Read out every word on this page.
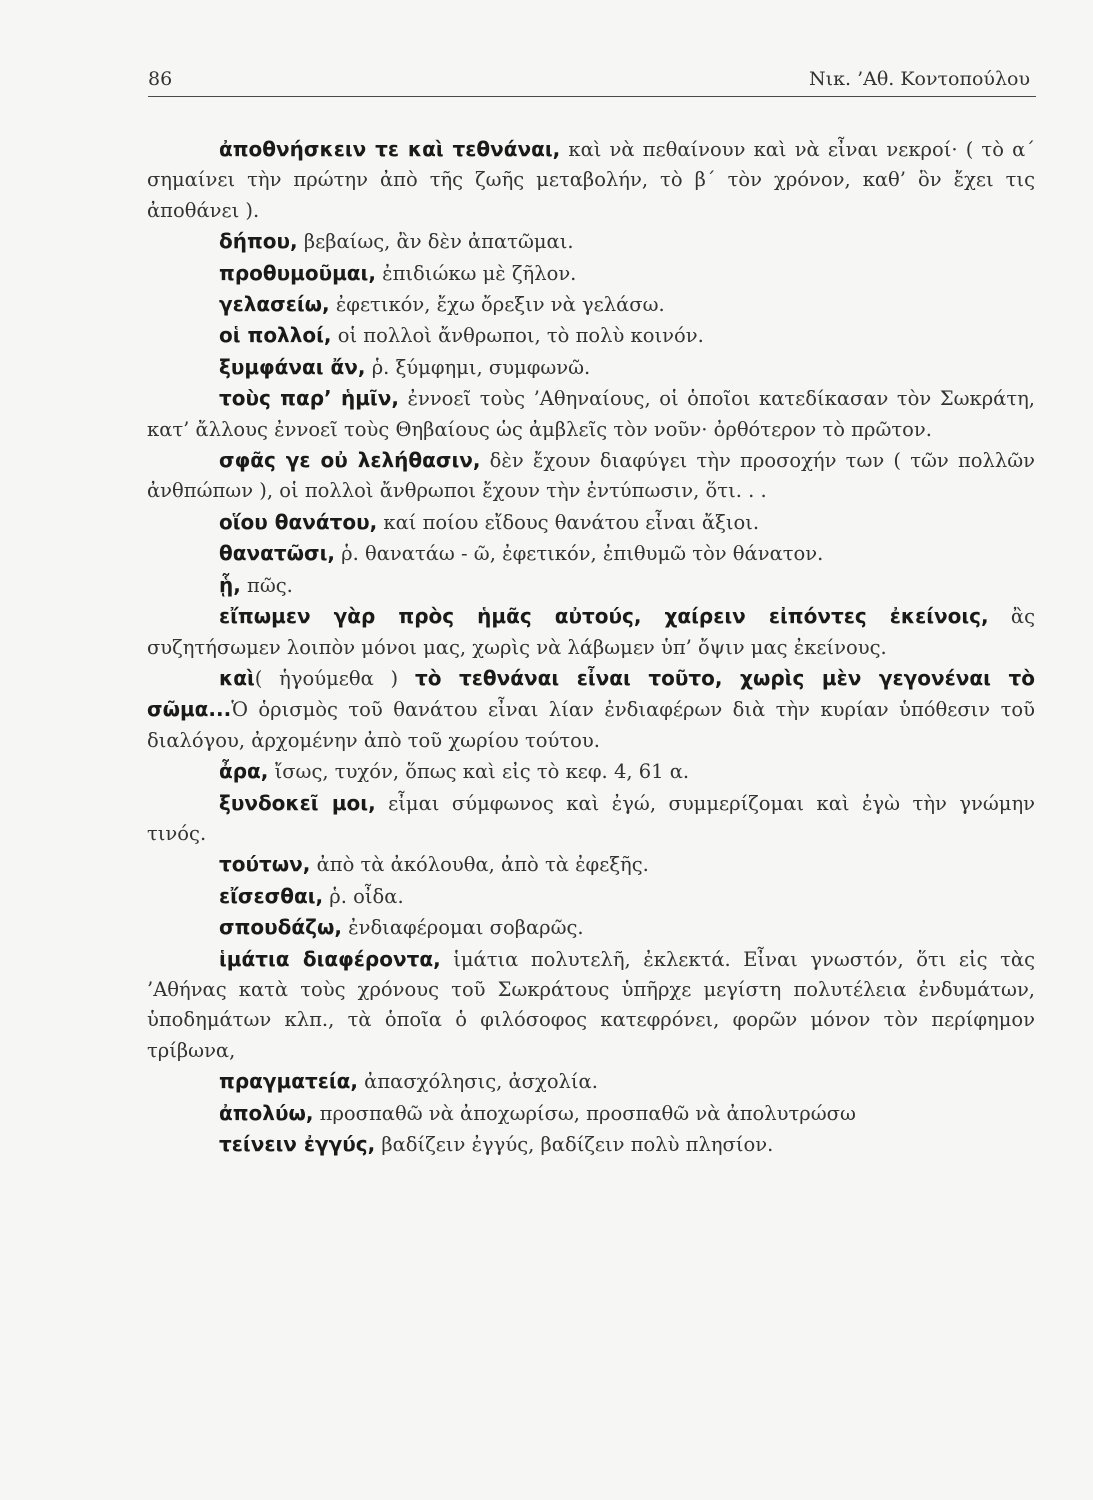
86	Νικ. ’Αθ. Κοντοπούλου

ἀποθνήσκειν τε καὶ τεθνάναι, καὶ νὰ πεθαίνουν καὶ νὰ εἶναι νεκροί· ( τὸ α΄ σημαίνει τὴν πρώτην ἀπὸ τῆς ζωῆς μεταβολήν, τὸ β΄ τὸν χρόνον, καθ’ ὃν ἔχει τις ἀποθάνει ).

δήπου, βεβαίως, ἂν δὲν ἀπατῶμαι.

προθυμοῦμαι, ἐπιδιώκω μὲ ζῆλον.

γελασείω, ἐφετικόν, ἔχω ὄρεξιν νὰ γελάσω.

οἱ πολλοί, οἱ πολλοὶ ἄνθρωποι, τὸ πολὺ κοινόν.

ξυμφάναι ἄν, ῥ. ξύμφημι, συμφωνῶ.

τοὺς παρ’ ἡμῖν, ἐννοεῖ τοὺς ’Αθηναίους, οἱ ὁποῖοι κατεδίκασαν τὸν Σωκράτη, κατ’ ἄλλους ἐννοεῖ τοὺς Θηβαίους ὡς ἀμβλεῖς τὸν νοῦν· ὀρθότερον τὸ πρῶτον.

σφᾶς γε οὐ λελήθασιν, δὲν ἔχουν διαφύγει τὴν προσοχήν των ( τῶν πολλῶν ἀνθπώπων ), οἱ πολλοὶ ἄνθρωποι ἔχουν τὴν ἐντύπωσιν, ὅτι. . .

οἵου θανάτου, καί ποίου εἴδους θανάτου εἶναι ἄξιοι.

θανατῶσι, ῥ. θανατάω - ῶ, ἐφετικόν, ἐπιθυμῶ τὸν θάνατον.

ᾗ, πῶς.

εἴπωμεν γὰρ πρὸς ἡμᾶς αὐτούς, χαίρειν εἰπόντες ἐκείνοις, ἂς συζητήσωμεν λοιπὸν μόνοι μας, χωρὶς νὰ λάβωμεν ὑπ’ ὄψιν μας ἐκείνους.

καὶ( ἡγούμεθα ) τὸ τεθνάναι εἶναι τοῦτο, χωρὶς μὲν γεγονέναι τὸ σῶμα...Ὁ ὁρισμὸς τοῦ θανάτου εἶναι λίαν ἐνδιαφέρων διὰ τὴν κυρίαν ὑπόθεσιν τοῦ διαλόγου, ἀρχομένην ἀπὸ τοῦ χωρίου τούτου.

ἆρα, ἴσως, τυχόν, ὅπως καὶ εἰς τὸ κεφ. 4, 61 α.

ξυνδοκεῖ μοι, εἶμαι σύμφωνος καὶ ἐγώ, συμμερίζομαι καὶ ἐγὼ τὴν γνώμην τινός.

τούτων, ἀπὸ τὰ ἀκόλουθα, ἀπὸ τὰ ἐφεξῆς.

εἴσεσθαι, ῥ. οἶδα.

σπουδάζω, ἐνδιαφέρομαι σοβαρῶς.

ἱμάτια διαφέροντα, ἱμάτια πολυτελῆ, ἐκλεκτά. Εἶναι γνωστόν, ὅτι εἰς τὰς ’Αθήνας κατὰ τοὺς χρόνους τοῦ Σωκράτους ὑπῆρχε μεγίστη πολυτέλεια ἐνδυμάτων, ὑποδημάτων κλπ., τὰ ὁποῖα ὁ φιλόσοφος κατεφρόνει, φορῶν μόνον τὸν περίφημον τρίβωνα,

πραγματεία, ἀπασχόλησις, ἀσχολία.

ἀπολύω, προσπαθῶ νὰ ἀποχωρίσω, προσπαθῶ νὰ ἀπολυτρώσω

τείνειν ἐγγύς, βαδίζειν ἐγγύς, βαδίζειν πολὺ πλησίον.
